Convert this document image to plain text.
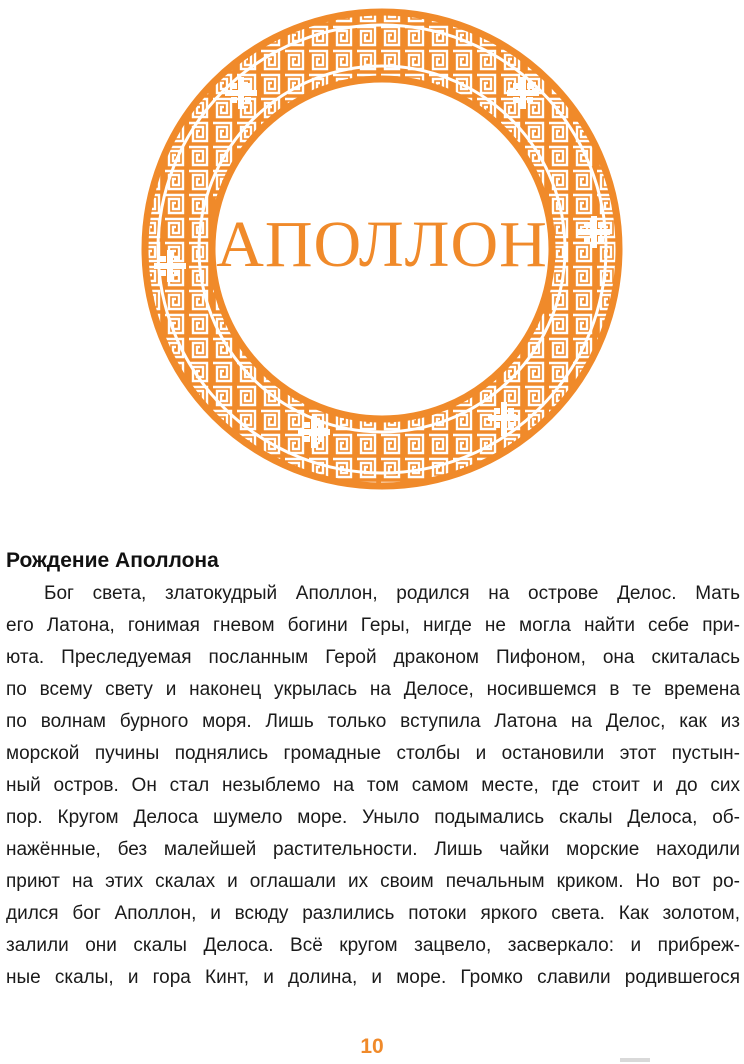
АПОЛЛОН
Рождение Аполлона
Бог света, златокудрый Аполлон, родился на острове Делос. Мать
его Латона, гонимая гневом богини Геры, нигде не могла найти себе при-
юта. Преследуемая посланным Герой драконом Пифоном, она скиталась
по всему свету и наконец укрылась на Делосе, носившемся в те времена
по волнам бурного моря. Лишь только вступила Латона на Делос, как из
морской пучины поднялись громадные столбы и остановили этот пустын-
ный остров. Он стал незыблемо на том самом месте, где стоит и до сих
пор. Кругом Делоса шумело море. Уныло подымались скалы Делоса, об-
нажённые, без малейшей растительности. Лишь чайки морские находили
приют на этих скалах и оглашали их своим печальным криком. Но вот ро-
дился бог Аполлон, и всюду разлились потоки яркого света. Как золотом,
залили они скалы Делоса. Всё кругом зацвело, засверкало: и прибреж-
ные скалы, и гора Кинт, и долина, и море. Громко славили родившегося
10
